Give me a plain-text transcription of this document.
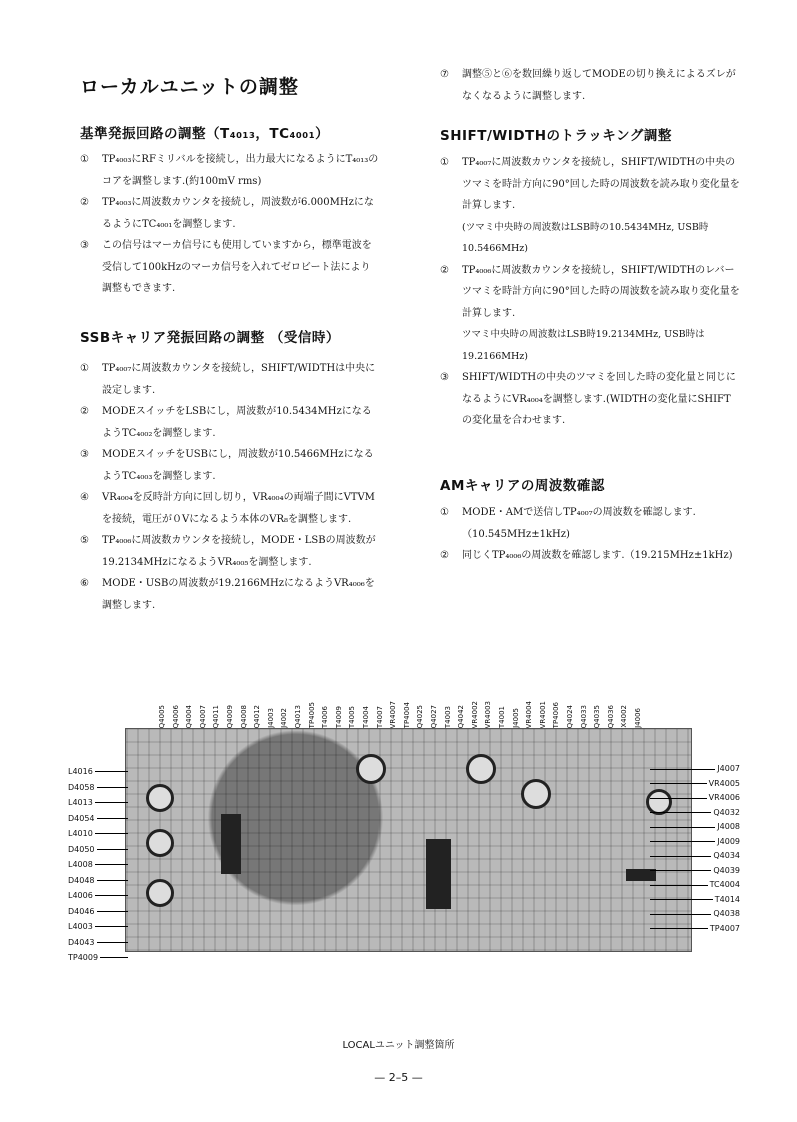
ローカルユニットの調整
基準発振回路の調整（T₄₀₁₃，TC₄₀₀₁）
①	TP₄₀₀₃にRFミリバルを接続し，出力最大になるようにT₄₀₁₃のコアを調整します.(約100mV rms)
②	TP₄₀₀₃に周波数カウンタを接続し，周波数が6.000MHzになるようにTC₄₀₀₁を調整します.
③	この信号はマーカ信号にも使用していますから，標準電波を受信して100kHzのマーカ信号を入れてゼロビート法により調整もできます.
SSBキャリア発振回路の調整 （受信時）
①	TP₄₀₀₇に周波数カウンタを接続し，SHIFT/WIDTHは中央に設定します.
②	MODEスイッチをLSBにし，周波数が10.5434MHzになるようTC₄₀₀₂を調整します.
③	MODEスイッチをUSBにし，周波数が10.5466MHzになるようTC₄₀₀₃を調整します.
④	VR₄₀₀₄を反時計方向に回し切り，VR₄₀₀₄の両端子間にVTVMを接続，電圧が０Vになるよう本体のVR₈を調整します.
⑤	TP₄₀₀₆に周波数カウンタを接続し，MODE・LSBの周波数が19.2134MHzになるようVR₄₀₀₅を調整します.
⑥	MODE・USBの周波数が19.2166MHzになるようVR₄₀₀₆を調整します.
⑦	調整⑤と⑥を数回繰り返してMODEの切り換えによるズレがなくなるように調整します.
SHIFT/WIDTHのトラッキング調整
①	TP₄₀₀₇に周波数カウンタを接続し，SHIFT/WIDTHの中央のツマミを時計方向に90°回した時の周波数を読み取り変化量を計算します.
(ツマミ中央時の周波数はLSB時の10.5434MHz, USB時10.5466MHz)
②	TP₄₀₀₆に周波数カウンタを接続し，SHIFT/WIDTHのレバーツマミを時計方向に90°回した時の周波数を読み取り変化量を計算します.
ツマミ中央時の周波数はLSB時19.2134MHz, USB時は19.2166MHz)
③	SHIFT/WIDTHの中央のツマミを回した時の変化量と同じになるようにVR₄₀₀₄を調整します.(WIDTHの変化量にSHIFTの変化量を合わせます.
AMキャリアの周波数確認
①	MODE・AMで送信しTP₄₀₀₇の周波数を確認します.（10.545MHz±1kHz)
②	同じくTP₄₀₀₆の周波数を確認します.（19.215MHz±1kHz)
Q4005 Q4006 Q4004 Q4007 Q4011 Q4009 Q4008 Q4012 J4003 J4002 Q4013 TP4005 T4006 T4009 T4005 T4004 T4007 VR4007 TP4004 Q4025 Q4027 T4003 Q4042 VR4002 VR4003 T4001 J4005 VR4004 VR4001 TP4006 Q4024 Q4033 Q4035 Q4036 X4002 J4006
L4016
D4058
L4013
D4054
L4010
D4050
L4008
D4048
L4006
D4046
L4003
D4043
TP4009
J4007
VR4005
VR4006
Q4032
J4008
J4009
Q4034
Q4039
TC4004
T4014
Q4038
TP4007
LOCALユニット調整箇所
— 2–5 —
